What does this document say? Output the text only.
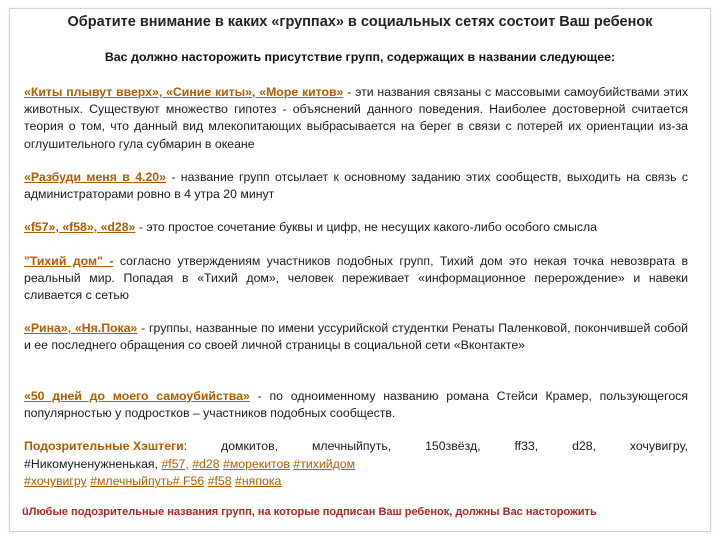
Обратите внимание в каких «группах» в социальных сетях состоит Ваш ребенок
Вас должно насторожить присутствие групп, содержащих в названии следующее:
«Киты плывут вверх», «Синие киты», «Море китов» - эти названия связаны с массовыми самоубийствами этих животных. Существуют множество гипотез - объяснений данного поведения. Наиболее достоверной считается теория о том, что данный вид млекопитающих выбрасывается на берег в связи с потерей их ориентации из-за оглушительного гула субмарин в океане
«Разбуди меня в 4.20» - название групп отсылает к основному заданию этих сообществ, выходить на связь с администраторами ровно в 4 утра 20 минут
«f57», «f58», «d28» - это простое сочетание буквы и цифр, не несущих какого-либо особого смысла
"Тихий дом" - согласно утверждениям участников подобных групп, Тихий дом это некая точка невозврата в реальный мир. Попадая в «Тихий дом», человек переживает «информационное перерождение» и навеки сливается с сетью
«Рина», «Ня.Пока» - группы, названные по имени уссурийской студентки Ренаты Паленковой, покончившей собой и ее последнего обращения со своей личной страницы в социальной сети «Вконтакте»
«50 дней до моего самоубийства» - по одноименному названию романа Стейси Крамер, пользующегося популярностью у подростков – участников подобных сообществ.
Подозрительные Хэштеги:	домкитов,	млечныйпуть,	150звёзд,	ff33,	d28,	хочувигру,
#Никомуненужненькая, #f57, #d28 #морекитов #тихийдом
#хочувигру #млечныйпуть# F56 #f58 #няпока
üЛюбые подозрительные названия групп, на которые подписан Ваш ребенок, должны Вас насторожить
